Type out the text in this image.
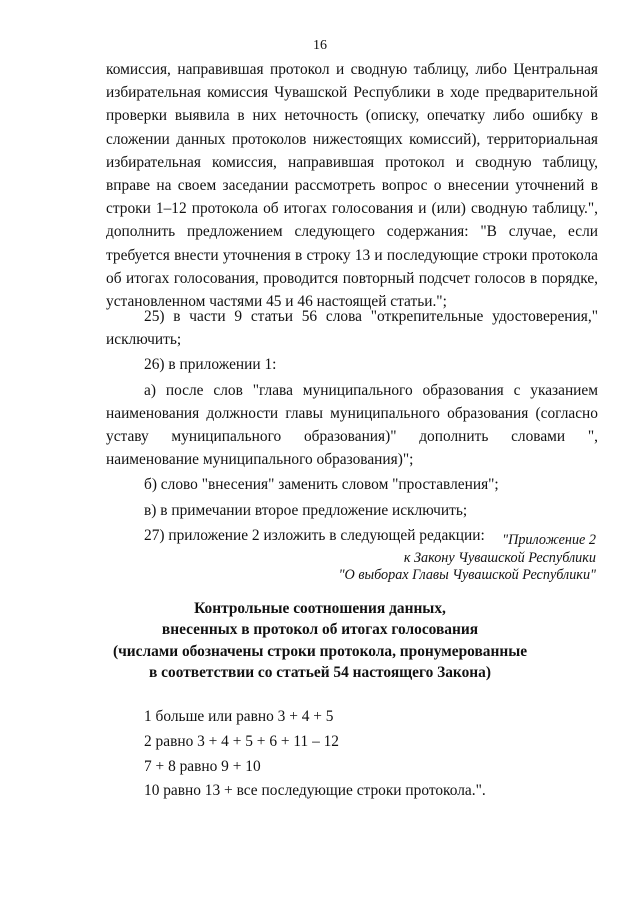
16

комиссия, направившая протокол и сводную таблицу, либо Центральная избирательная комиссия Чувашской Республики в ходе предварительной проверки выявила в них неточность (описку, опечатку либо ошибку в сложении данных протоколов нижестоящих комиссий), территориальная избирательная комиссия, направившая протокол и сводную таблицу, вправе на своем заседании рассмотреть вопрос о внесении уточнений в строки 1–12 протокола об итогах голосования и (или) сводную таблицу.", дополнить предложением следующего содержания: "В случае, если требуется внести уточнения в строку 13 и последующие строки протокола об итогах голосования, проводится повторный подсчет голосов в порядке, установленном частями 45 и 46 настоящей статьи.";

25) в части 9 статьи 56 слова "открепительные удостоверения," исключить;

26) в приложении 1:

а) после слов "глава муниципального образования с указанием наименования должности главы муниципального образования (согласно уставу муниципального образования)" дополнить словами ", наименование муниципального образования)";

б) слово "внесения" заменить словом "проставления";

в) в примечании второе предложение исключить;

27) приложение 2 изложить в следующей редакции:	"Приложение 2
к Закону Чувашской Республики
"О выборах Главы Чувашской Республики"
Контрольные соотношения данных,
внесенных в протокол об итогах голосования
(числами обозначены строки протокола, пронумерованные
в соответствии со статьей 54 настоящего Закона)
1 больше или равно 3 + 4 + 5
2 равно 3 + 4 + 5 + 6 + 11 – 12
7 + 8 равно 9 + 10
10 равно 13 + все последующие строки протокола.".
